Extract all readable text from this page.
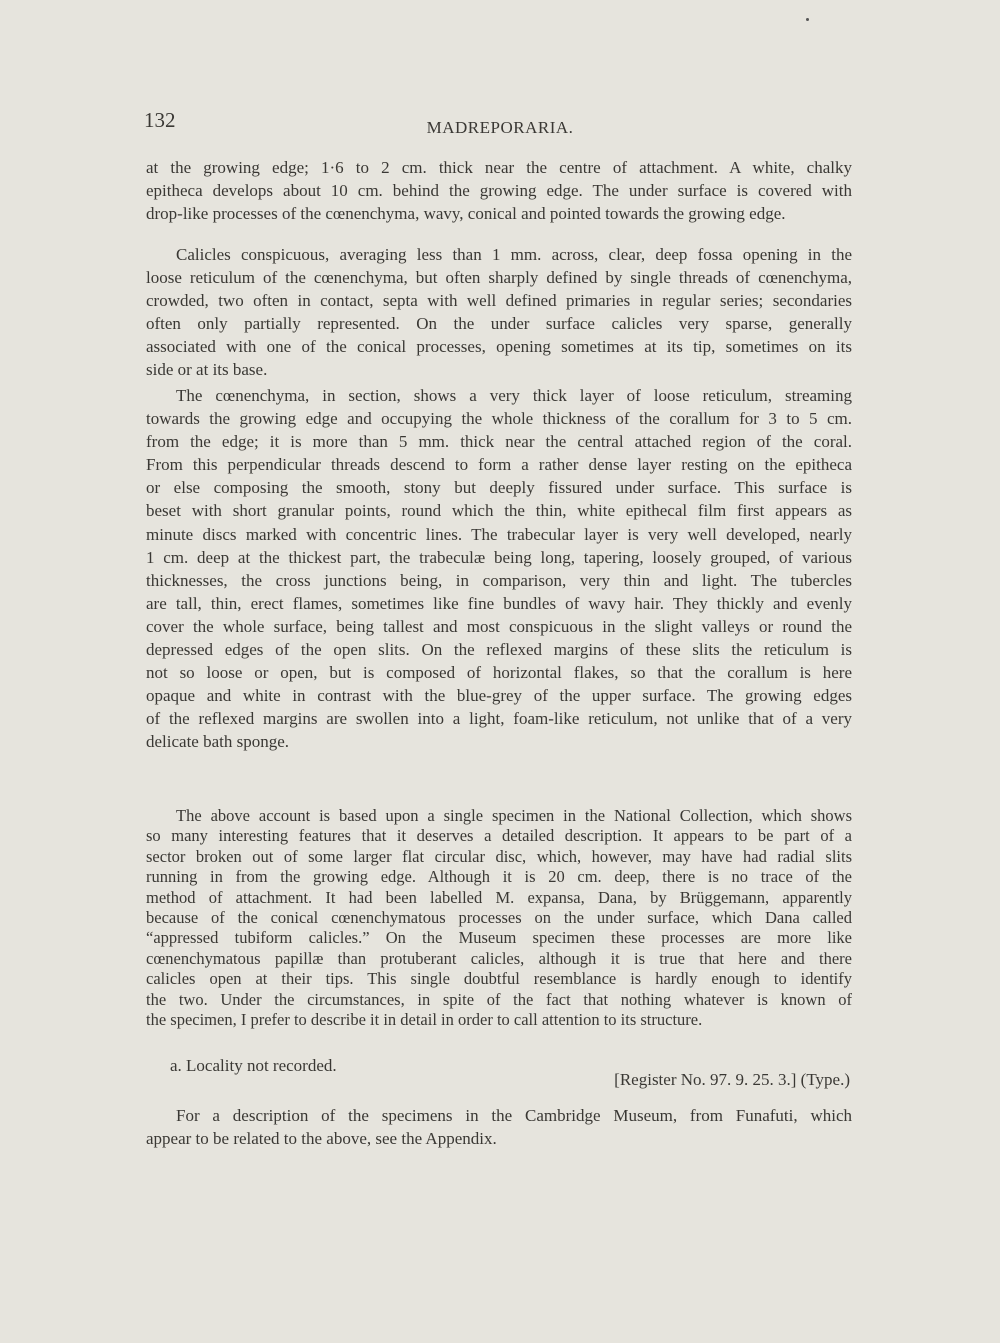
132	MADREPORARIA.
at the growing edge; 1·6 to 2 cm. thick near the centre of attachment. A white, chalky
epitheca develops about 10 cm. behind the growing edge. The under surface is covered with
drop-like processes of the cœnenchyma, wavy, conical and pointed towards the growing edge.
Calicles conspicuous, averaging less than 1 mm. across, clear, deep fossa opening in the
loose reticulum of the cœnenchyma, but often sharply defined by single threads of cœnenchyma,
crowded, two often in contact, septa with well defined primaries in regular series; secondaries
often only partially represented. On the under surface calicles very sparse, generally
associated with one of the conical processes, opening sometimes at its tip, sometimes on its
side or at its base.
The cœnenchyma, in section, shows a very thick layer of loose reticulum, streaming
towards the growing edge and occupying the whole thickness of the corallum for 3 to 5 cm.
from the edge; it is more than 5 mm. thick near the central attached region of the coral.
From this perpendicular threads descend to form a rather dense layer resting on the epitheca
or else composing the smooth, stony but deeply fissured under surface. This surface is
beset with short granular points, round which the thin, white epithecal film first appears as
minute discs marked with concentric lines. The trabecular layer is very well developed, nearly
1 cm. deep at the thickest part, the trabeculæ being long, tapering, loosely grouped, of various
thicknesses, the cross junctions being, in comparison, very thin and light. The tubercles
are tall, thin, erect flames, sometimes like fine bundles of wavy hair. They thickly and evenly
cover the whole surface, being tallest and most conspicuous in the slight valleys or round the
depressed edges of the open slits. On the reflexed margins of these slits the reticulum is
not so loose or open, but is composed of horizontal flakes, so that the corallum is here
opaque and white in contrast with the blue-grey of the upper surface. The growing edges
of the reflexed margins are swollen into a light, foam-like reticulum, not unlike that of a very
delicate bath sponge.
The above account is based upon a single specimen in the National Collection, which shows
so many interesting features that it deserves a detailed description. It appears to be part of a
sector broken out of some larger flat circular disc, which, however, may have had radial slits
running in from the growing edge. Although it is 20 cm. deep, there is no trace of the
method of attachment. It had been labelled M. expansa, Dana, by Brüggemann, apparently
because of the conical cœnenchymatous processes on the under surface, which Dana called
“appressed tubiform calicles.” On the Museum specimen these processes are more like
cœnenchymatous papillæ than protuberant calicles, although it is true that here and there
calicles open at their tips. This single doubtful resemblance is hardly enough to identify
the two. Under the circumstances, in spite of the fact that nothing whatever is known of
the specimen, I prefer to describe it in detail in order to call attention to its structure.
a. Locality not recorded.
[Register No. 97. 9. 25. 3.] (Type.)
For a description of the specimens in the Cambridge Museum, from Funafuti, which
appear to be related to the above, see the Appendix.
